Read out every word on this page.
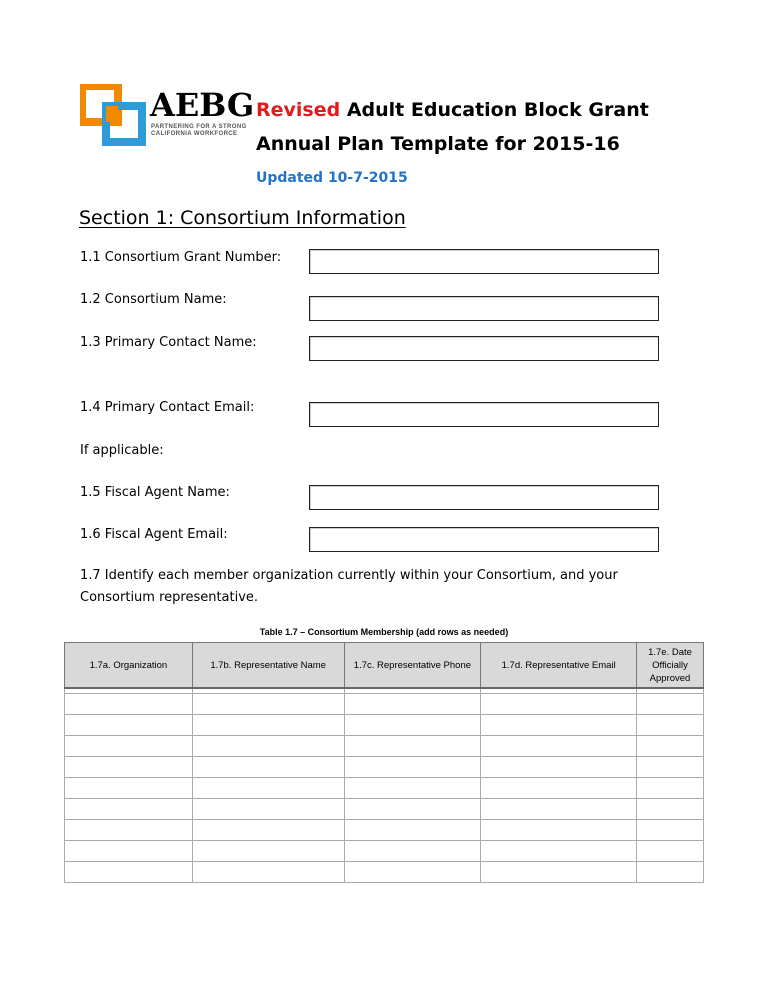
AEBG
PARTNERING FOR A STRONG
CALIFORNIA WORKFORCE
Revised Adult Education Block Grant
Annual Plan Template for 2015-16
Updated 10-7-2015
Section 1: Consortium Information
1.1 Consortium Grant Number:
1.2 Consortium Name:
1.3 Primary Contact Name:
1.4 Primary Contact Email:
If applicable:
1.5 Fiscal Agent Name:
1.6 Fiscal Agent Email:
1.7 Identify each member organization currently within your Consortium, and your Consortium representative.
Table 1.7 – Consortium Membership (add rows as needed)
1.7a. Organization	1.7b. Representative Name	1.7c. Representative Phone	1.7d. Representative Email	1.7e. Date Officially Approved
